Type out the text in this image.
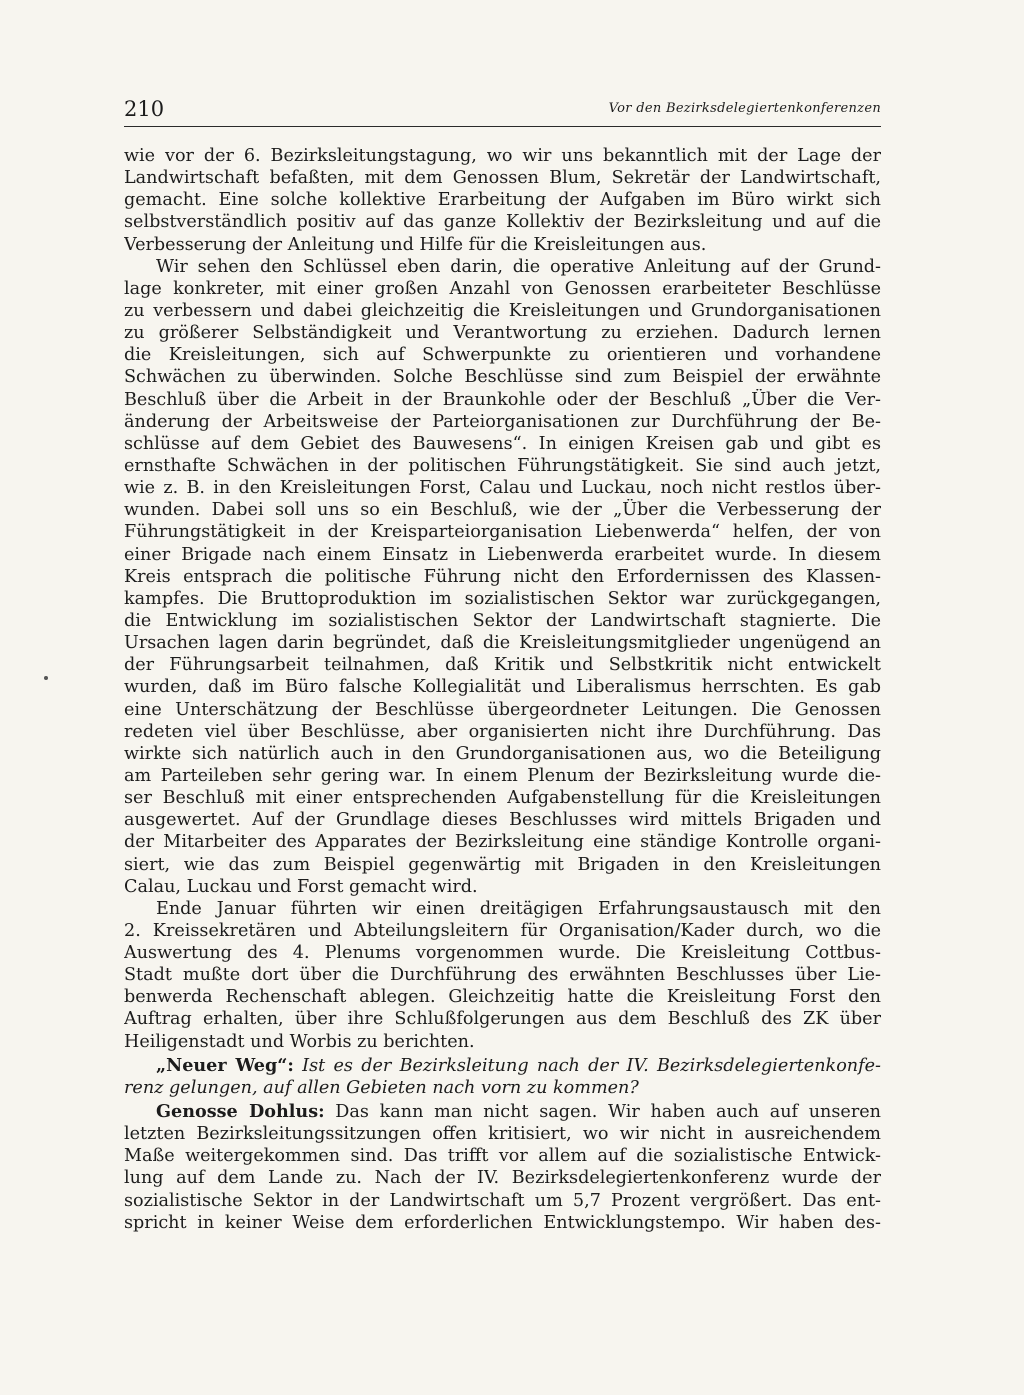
210	Vor den Bezirksdelegiertenkonferenzen
wie vor der 6. Bezirksleitungstagung, wo wir uns bekanntlich mit der Lage der
Landwirtschaft befaßten, mit dem Genossen Blum, Sekretär der Landwirtschaft,
gemacht. Eine solche kollektive Erarbeitung der Aufgaben im Büro wirkt sich
selbstverständlich positiv auf das ganze Kollektiv der Bezirksleitung und auf die
Verbesserung der Anleitung und Hilfe für die Kreisleitungen aus.
Wir sehen den Schlüssel eben darin, die operative Anleitung auf der Grund-
lage konkreter, mit einer großen Anzahl von Genossen erarbeiteter Beschlüsse
zu verbessern und dabei gleichzeitig die Kreisleitungen und Grundorganisationen
zu größerer Selbständigkeit und Verantwortung zu erziehen. Dadurch lernen
die Kreisleitungen, sich auf Schwerpunkte zu orientieren und vorhandene
Schwächen zu überwinden. Solche Beschlüsse sind zum Beispiel der erwähnte
Beschluß über die Arbeit in der Braunkohle oder der Beschluß „Über die Ver-
änderung der Arbeitsweise der Parteiorganisationen zur Durchführung der Be-
schlüsse auf dem Gebiet des Bauwesens“. In einigen Kreisen gab und gibt es
ernsthafte Schwächen in der politischen Führungstätigkeit. Sie sind auch jetzt,
wie z. B. in den Kreisleitungen Forst, Calau und Luckau, noch nicht restlos über-
wunden. Dabei soll uns so ein Beschluß, wie der „Über die Verbesserung der
Führungstätigkeit in der Kreisparteiorganisation Liebenwerda“ helfen, der von
einer Brigade nach einem Einsatz in Liebenwerda erarbeitet wurde. In diesem
Kreis entsprach die politische Führung nicht den Erfordernissen des Klassen-
kampfes. Die Bruttoproduktion im sozialistischen Sektor war zurückgegangen,
die Entwicklung im sozialistischen Sektor der Landwirtschaft stagnierte. Die
Ursachen lagen darin begründet, daß die Kreisleitungsmitglieder ungenügend an
der Führungsarbeit teilnahmen, daß Kritik und Selbstkritik nicht entwickelt
wurden, daß im Büro falsche Kollegialität und Liberalismus herrschten. Es gab
eine Unterschätzung der Beschlüsse übergeordneter Leitungen. Die Genossen
redeten viel über Beschlüsse, aber organisierten nicht ihre Durchführung. Das
wirkte sich natürlich auch in den Grundorganisationen aus, wo die Beteiligung
am Parteileben sehr gering war. In einem Plenum der Bezirksleitung wurde die-
ser Beschluß mit einer entsprechenden Aufgabenstellung für die Kreisleitungen
ausgewertet. Auf der Grundlage dieses Beschlusses wird mittels Brigaden und
der Mitarbeiter des Apparates der Bezirksleitung eine ständige Kontrolle organi-
siert, wie das zum Beispiel gegenwärtig mit Brigaden in den Kreisleitungen
Calau, Luckau und Forst gemacht wird.
Ende Januar führten wir einen dreitägigen Erfahrungsaustausch mit den
2. Kreissekretären und Abteilungsleitern für Organisation/Kader durch, wo die
Auswertung des 4. Plenums vorgenommen wurde. Die Kreisleitung Cottbus-
Stadt mußte dort über die Durchführung des erwähnten Beschlusses über Lie-
benwerda Rechenschaft ablegen. Gleichzeitig hatte die Kreisleitung Forst den
Auftrag erhalten, über ihre Schlußfolgerungen aus dem Beschluß des ZK über
Heiligenstadt und Worbis zu berichten.
„Neuer Weg“: Ist es der Bezirksleitung nach der IV. Bezirksdelegiertenkonfe-
renz gelungen, auf allen Gebieten nach vorn zu kommen?
Genosse Dohlus: Das kann man nicht sagen. Wir haben auch auf unseren
letzten Bezirksleitungssitzungen offen kritisiert, wo wir nicht in ausreichendem
Maße weitergekommen sind. Das trifft vor allem auf die sozialistische Entwick-
lung auf dem Lande zu. Nach der IV. Bezirksdelegiertenkonferenz wurde der
sozialistische Sektor in der Landwirtschaft um 5,7 Prozent vergrößert. Das ent-
spricht in keiner Weise dem erforderlichen Entwicklungstempo. Wir haben des-
